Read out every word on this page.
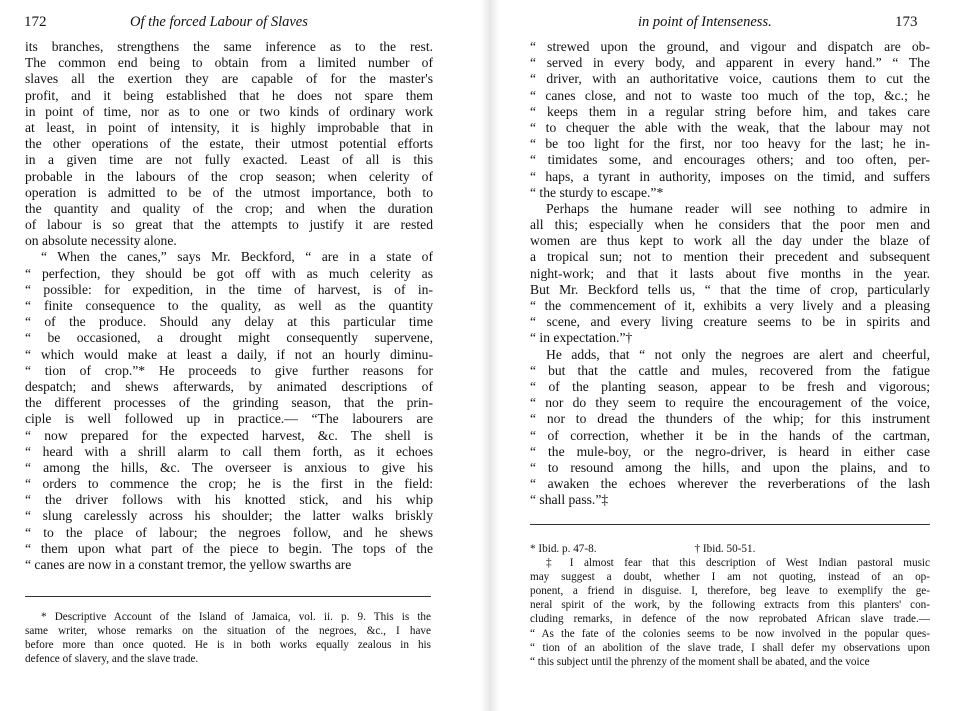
172	Of the forced Labour of Slaves
its branches, strengthens the same inference as to the rest.
The common end being to obtain from a limited number of
slaves all the exertion they are capable of for the master's
profit, and it being established that he does not spare them
in point of time, nor as to one or two kinds of ordinary work
at least, in point of intensity, it is highly improbable that in
the other operations of the estate, their utmost potential efforts
in a given time are not fully exacted. Least of all is this
probable in the labours of the crop season; when celerity of
operation is admitted to be of the utmost importance, both to
the quantity and quality of the crop; and when the duration
of labour is so great that the attempts to justify it are rested
on absolute necessity alone.
“ When the canes,” says Mr. Beckford, “ are in a state of
“ perfection, they should be got off with as much celerity as
“ possible: for expedition, in the time of harvest, is of in-
“ finite consequence to the quality, as well as the quantity
“ of the produce. Should any delay at this particular time
“ be occasioned, a drought might consequently supervene,
“ which would make at least a daily, if not an hourly diminu-
“ tion of crop.”* He proceeds to give further reasons for
despatch; and shews afterwards, by animated descriptions of
the different processes of the grinding season, that the prin-
ciple is well followed up in practice.— “The labourers are
“ now prepared for the expected harvest, &c. The shell is
“ heard with a shrill alarm to call them forth, as it echoes
“ among the hills, &c. The overseer is anxious to give his
“ orders to commence the crop; he is the first in the field:
“ the driver follows with his knotted stick, and his whip
“ slung carelessly across his shoulder; the latter walks briskly
“ to the place of labour; the negroes follow, and he shews
“ them upon what part of the piece to begin. The tops of the
“ canes are now in a constant tremor, the yellow swarths are
* Descriptive Account of the Island of Jamaica, vol. ii. p. 9. This is the
same writer, whose remarks on the situation of the negroes, &c., I have
before more than once quoted. He is in both works equally zealous in his
defence of slavery, and the slave trade.
in point of Intenseness.	173
“ strewed upon the ground, and vigour and dispatch are ob-
“ served in every body, and apparent in every hand.” “ The
“ driver, with an authoritative voice, cautions them to cut the
“ canes close, and not to waste too much of the top, &c.; he
“ keeps them in a regular string before him, and takes care
“ to chequer the able with the weak, that the labour may not
“ be too light for the first, nor too heavy for the last; he in-
“ timidates some, and encourages others; and too often, per-
“ haps, a tyrant in authority, imposes on the timid, and suffers
“ the sturdy to escape.”*
Perhaps the humane reader will see nothing to admire in
all this; especially when he considers that the poor men and
women are thus kept to work all the day under the blaze of
a tropical sun; not to mention their precedent and subsequent
night-work; and that it lasts about five months in the year.
But Mr. Beckford tells us, “ that the time of crop, particularly
“ the commencement of it, exhibits a very lively and a pleasing
“ scene, and every living creature seems to be in spirits and
“ in expectation.”†
He adds, that “ not only the negroes are alert and cheerful,
“ but that the cattle and mules, recovered from the fatigue
“ of the planting season, appear to be fresh and vigorous;
“ nor do they seem to require the encouragement of the voice,
“ nor to dread the thunders of the whip; for this instrument
“ of correction, whether it be in the hands of the cartman,
“ the mule-boy, or the negro-driver, is heard in either case
“ to resound among the hills, and upon the plains, and to
“ awaken the echoes wherever the reverberations of the lash
“ shall pass.”‡
* Ibid. p. 47-8.	† Ibid. 50-51.
‡ I almost fear that this description of West Indian pastoral music
may suggest a doubt, whether I am not quoting, instead of an op-
ponent, a friend in disguise. I, therefore, beg leave to exemplify the ge-
neral spirit of the work, by the following extracts from this planters' con-
cluding remarks, in defence of the now reprobated African slave trade.—
“ As the fate of the colonies seems to be now involved in the popular ques-
“ tion of an abolition of the slave trade, I shall defer my observations upon
“ this subject until the phrenzy of the moment shall be abated, and the voice
